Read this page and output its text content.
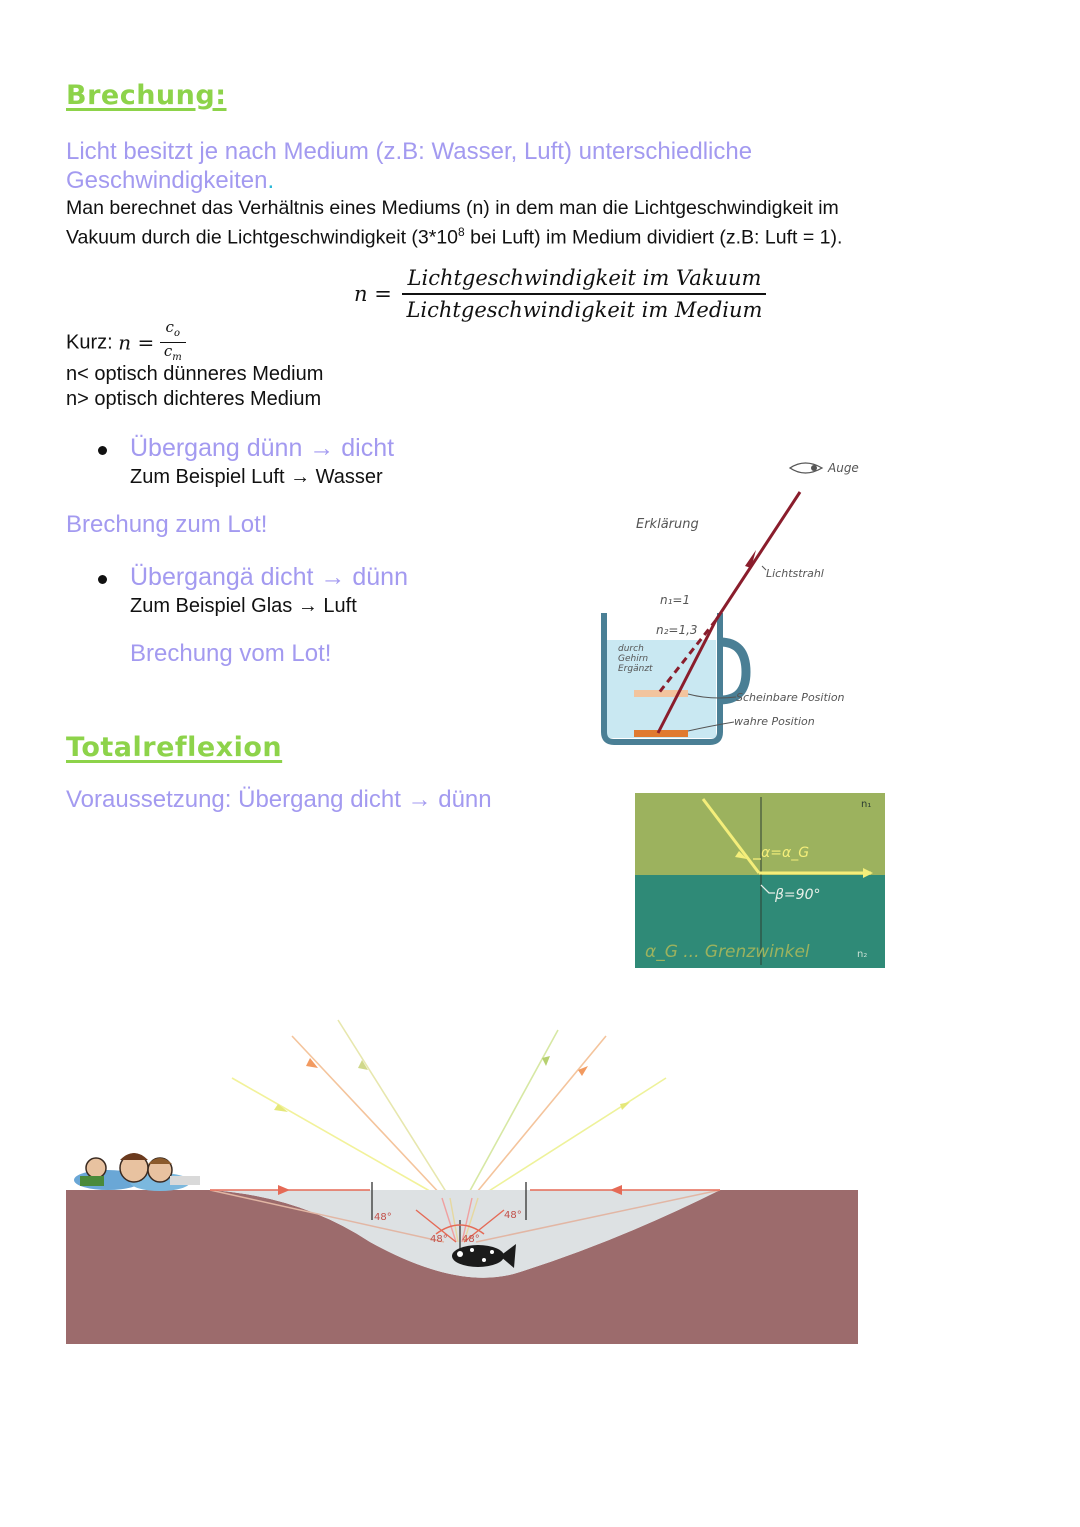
Brechung:
Licht besitzt je nach Medium (z.B: Wasser, Luft) unterschiedliche
Geschwindigkeiten.
Man berechnet das Verhältnis eines Mediums (n) in dem man die Lichtgeschwindigkeit im
Vakuum durch die Lichtgeschwindigkeit ($3*10^8$ bei Luft) im Medium dividiert (z.B: Luft = 1).
$n = \frac{\text{Lichtgeschwindigkeit im Vakuum}}{\text{Lichtgeschwindigkeit im Medium}}$
Kurz: $n = \frac{c_o}{c_m}$
n< optisch dünneres Medium
n> optisch dichteres Medium
Übergang dünn → dicht
Zum Beispiel Luft → Wasser
Brechung zum Lot!
Übergangä dicht → dünn
Zum Beispiel Glas → Luft
Brechung vom Lot!
Auge
Erklärung
Lichtstrahl
n₁=1
n₂=1,3
durch
Gehirn
Ergänzt
Scheinbare Position
wahre Position
Totalreflexion
Voraussetzung: Übergang dicht → dünn
α=α_G
β=90°
n₁
n₂
α_G ... Grenzwinkel
48°	48°
48° 48°
